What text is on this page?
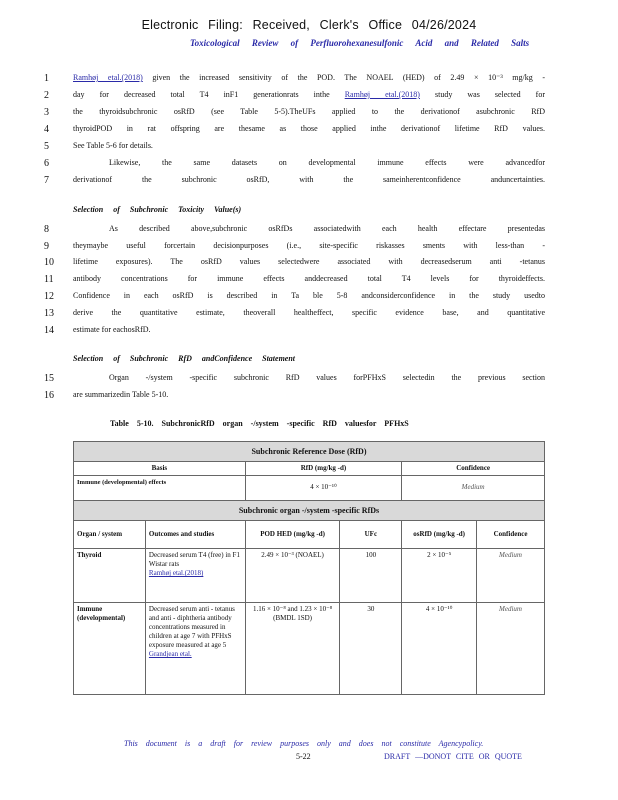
Electronic Filing: Received, Clerk's Office 04/26/2024
Toxicological Review of Perfluorohexanesulfonic Acid and Related Salts
1
2
3
4
5
6
7
8
9
10
11
12
13
14
15
16
Ramhøj etal.(2018) given the increased sensitivity of the POD. The NOAEL (HED) of 2.49 × 10⁻³ mg/kg -
day for decreased total T4 inF1 generationrats inthe Ramhøj etal.(2018) study was selected for
the thyroidsubchronic osRfD (see Table 5-5).TheUFs applied to the derivationof asubchronic RfD
thyroidPOD in rat offspring are thesame as those applied inthe derivationof lifetime RfD values.
See Table 5-6 for details.
Likewise, the same datasets on developmental immune effects were advancedfor
derivationof the subchronic osRfD, with the sameinherentconfidence anduncertainties.
Selection of Subchronic Toxicity Value(s)
As described above,subchronic osRfDs associatedwith each health effectare presentedas
theymaybe useful forcertain decisionpurposes (i.e., site-specific riskasses sments with less-than -
lifetime exposures). The osRfD values selectedwere associated with decreasedserum anti -tetanus
antibody concentrations for immune effects anddecreased total T4 levels for thyroideffects.
Confidence in each osRfD is described in Ta ble 5-8 andconsiderconfidence in the study usedto
derive the quantitative estimate, theoverall healtheffect, specific evidence base, and quantitative
estimate for eachosRfD.
Selection of Subchronic RfD andConfidence Statement
Organ -/system -specific subchronic RfD values forPFHxS selectedin the previous section
are summarizedin Table 5-10.
Table 5-10. SubchronicRfD organ -/system -specific RfD valuesfor PFHxS
Subchronic Reference Dose (RfD)					
Basis		RfD (mg/kg -d)		Confidence	
Immune (developmental) effects		4 × 10⁻¹⁰		Medium	
Subchronic organ -/system -specific RfDs					
Organ / system	Outcomes and studies	POD HED (mg/kg -d)	UFc	osRfD (mg/kg -d)	Confidence
Thyroid	Decreased serum T4 (free) in F1 Wistar rats
Ramhøj etal.(2018)	2.49 × 10⁻³ (NOAEL)	100	2 × 10⁻⁵	Medium
Immune (developmental)	Decreased serum anti - tetanus and anti - diphtheria antibody concentrations measured in children at age 7 with PFHxS exposure measured at age 5 Grandjean etal.	1.16 × 10⁻⁸ and 1.23 × 10⁻⁸ (BMDL 1SD)	30	4 × 10⁻¹⁰	Medium
This document is a draft for review purposes only and does not constitute Agencypolicy.
5-22	DRAFT —DONOT CITE OR QUOTE
